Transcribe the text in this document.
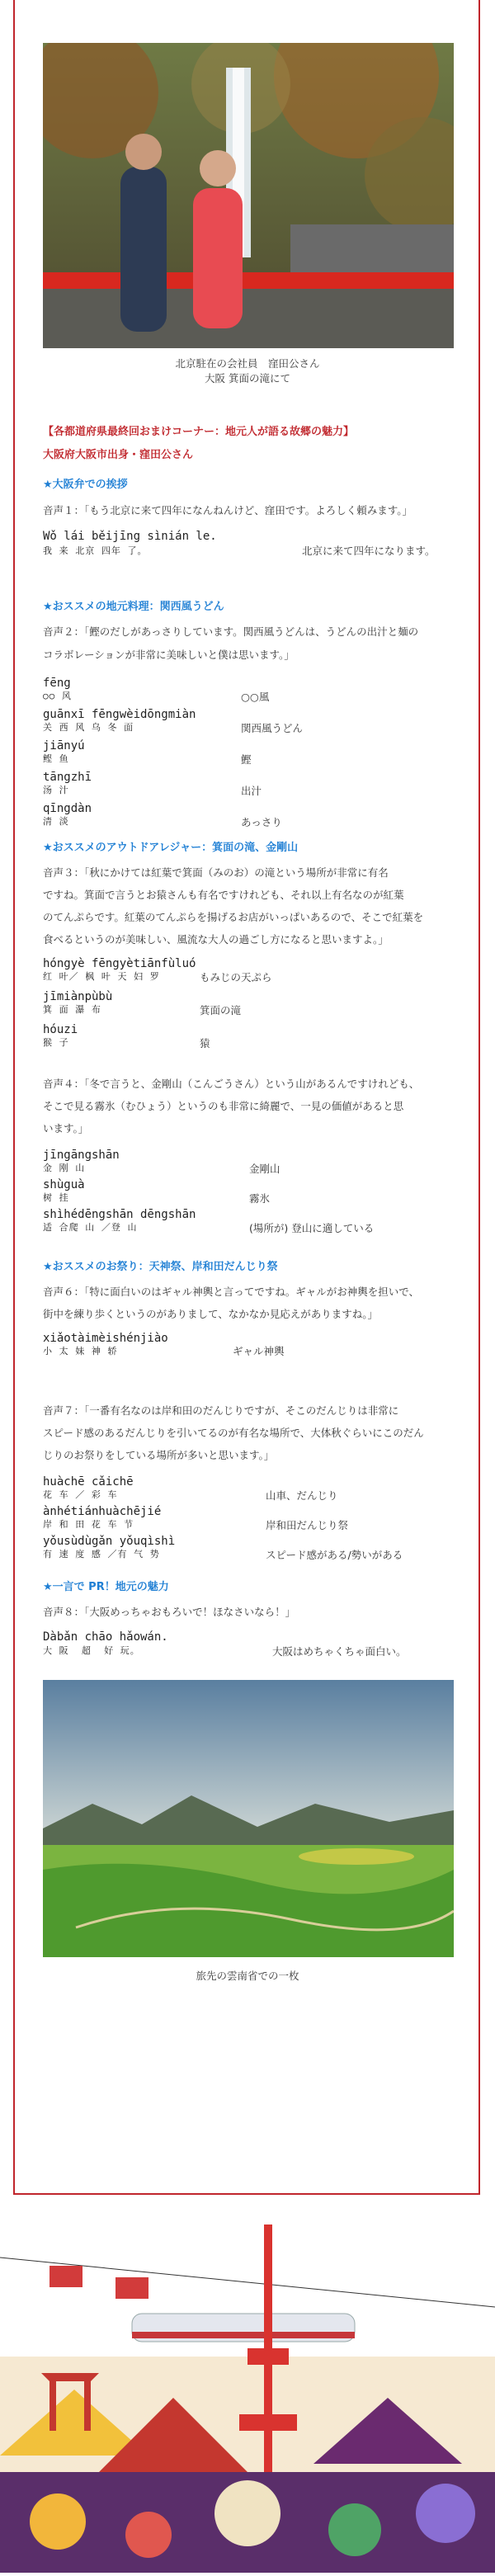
北京駐在の会社員　窪田公さん
大阪 箕面の滝にて
【各都道府県最終回おまけコーナー：地元人が語る故郷の魅力】
大阪府大阪市出身・窪田公さん
★大阪弁での挨拶
音声１：「もう北京に来て四年になんねんけど、窪田です。よろしく頼みます。」
Wǒ lái běijīng sìnián le.
我 来 北京 四年 了。	北京に来て四年になります。
★おススメの地元料理：関西風うどん
音声２：「鰹のだしがあっさりしています。関西風うどんは、うどんの出汁と麺の
コラボレーションが非常に美味しいと僕は思います。」
fēng
○○ 风	○○風
guānxī fēngwèidōngmiàn
关 西 风 乌 冬 面	関西風うどん
jiānyú
鲣 鱼	鰹
tāngzhī
汤 汁	出汁
qīngdàn
清 淡	あっさり
★おススメのアウトドアレジャー：箕面の滝、金剛山
音声３：「秋にかけては紅葉で箕面（みのお）の滝という場所が非常に有名
ですね。箕面で言うとお猿さんも有名ですけれども、それ以上有名なのが紅葉
のてんぷらです。紅葉のてんぷらを揚げるお店がいっぱいあるので、そこで紅葉を
食べるというのが美味しい、風流な大人の過ごし方になると思いますよ。」
hóngyè fēngyètiānfùluó
红 叶／ 枫 叶 天 妇 罗	もみじの天ぷら
jīmiànpùbù
箕 面 瀑 布	箕面の滝
hóuzi
猴 子	猿
音声４：「冬で言うと、金剛山（こんごうさん）という山があるんですけれども、
そこで見る霧氷（むひょう）というのも非常に綺麗で、一見の価値があると思
います。」
jīngāngshān
金 刚 山	金剛山
shùguà
树 挂	霧氷
shìhédēngshān dēngshān
适 合爬 山 ／登 山	(場所が) 登山に適している
★おススメのお祭り：天神祭、岸和田だんじり祭
音声６：「特に面白いのはギャル神輿と言ってですね。ギャルがお神輿を担いで、
街中を練り歩くというのがありまして、なかなか見応えがありますね。」
xiǎotàimèishénjiào
小 太 妹 神 轿	ギャル神輿
音声７：「一番有名なのは岸和田のだんじりですが、そこのだんじりは非常に
スピード感のあるだんじりを引いてるのが有名な場所で、大体秋ぐらいにこのだん
じりのお祭りをしている場所が多いと思います。」
huàchē cǎichē
花 车 ／ 彩 车	山車、だんじり
ànhétiánhuàchējié
岸 和 田 花 车 节	岸和田だんじり祭
yǒusùdùgǎn yǒuqìshì
有 速 度 感 ／有 气 势	スピード感がある/勢いがある
★一言で PR！地元の魅力
音声８：「大阪めっちゃおもろいで！ほなさいなら！」
Dàbǎn chāo hǎowán.
大 阪  超  好 玩。	大阪はめちゃくちゃ面白い。
旅先の雲南省での一枚
